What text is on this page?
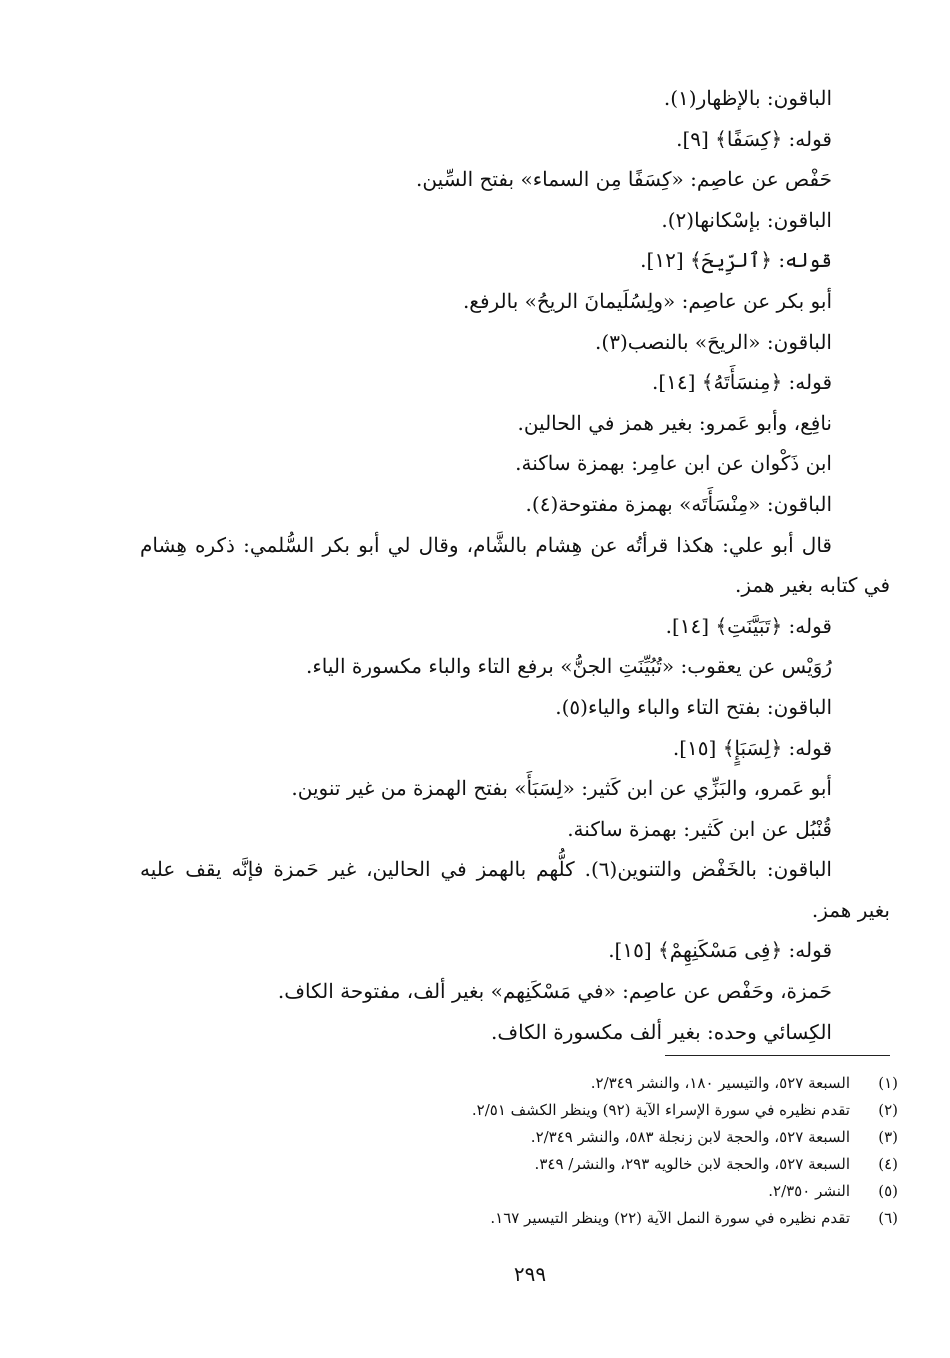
الباقون: بالإظهار(١).
قوله: ﴿كِسَفًا﴾ [٩].
حَفْص عن عاصِم: «كِسَفًا مِن السماء» بفتح السِّين.
الباقون: بإسْكانها(٢).
قوله: ﴿ٱلرِّيحَ﴾ [١٢].
أبو بكر عن عاصِم: «ولِسُلَيمانَ الريحُ» بالرفع.
الباقون: «الريحَ» بالنصب(٣).
قوله: ﴿مِنسَأَتَهُ﴾ [١٤].
نافِع، وأبو عَمرو: بغير همز في الحالين.
ابن ذَكْوان عن ابن عامِر: بهمزة ساكنة.
الباقون: «مِنْسَأَتَه» بهمزة مفتوحة(٤).
قال أبو علي: هكذا قرأتُه عن هِشام بالشَّام، وقال لي أبو بكر السُّلمي: ذكره هِشام
في كتابه بغير همز.
قوله: ﴿تَبَيَّنَتِ﴾ [١٤].
رُوَيْس عن يعقوب: «تُبُيِّنَتِ الجنُّ» برفع التاء والباء مكسورة الياء.
الباقون: بفتح التاء والباء والياء(٥).
قوله: ﴿لِسَبَإٍ﴾ [١٥].
أبو عَمرو، والبَزِّي عن ابن كَثير: «لِسَبَأَ» بفتح الهمزة من غير تنوين.
قُنْبُل عن ابن كَثير: بهمزة ساكنة.
الباقون: بالخَفْض والتنوين(٦). كلُّهم بالهمز في الحالين، غير حَمزة فإنَّه يقف عليه
بغير همز.
قوله: ﴿فِى مَسْكَنِهِمْ﴾ [١٥].
حَمزة، وحَفْص عن عاصِم: «في مَسْكَنِهم» بغير ألف، مفتوحة الكاف.
الكِسائي وحده: بغير ألف مكسورة الكاف.
(١)
السبعة ٥٢٧، والتيسير ١٨٠، والنشر ٢/٣٤٩.
(٢)
تقدم نظيره في سورة الإسراء الآية (٩٢) وينظر الكشف ٢/٥١.
(٣)
السبعة ٥٢٧، والحجة لابن زنجلة ٥٨٣، والنشر ٢/٣٤٩.
(٤)
السبعة ٥٢٧، والحجة لابن خالويه ٢٩٣، والنشر/ ٣٤٩.
(٥)
النشر ٢/٣٥٠.
(٦)
تقدم نظيره في سورة النمل الآية (٢٢) وينظر التيسير ١٦٧.
٢٩٩
